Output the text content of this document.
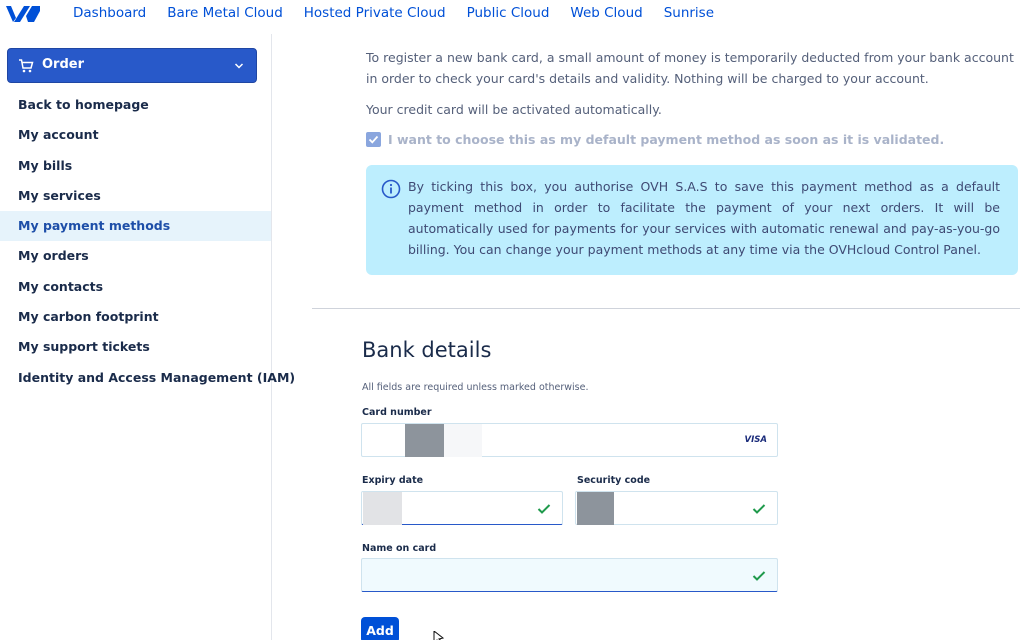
Dashboard Bare Metal Cloud Hosted Private Cloud Public Cloud Web Cloud Sunrise
Order
Back to homepage
My account
My bills
My services
My payment methods
My orders
My contacts
My carbon footprint
My support tickets
Identity and Access Management (IAM)

To register a new bank card, a small amount of money is temporarily deducted from your bank account in order to check your card's details and validity. Nothing will be charged to your account.

Your credit card will be activated automatically.

I want to choose this as my default payment method as soon as it is validated.

By ticking this box, you authorise OVH S.A.S to save this payment method as a default payment method in order to facilitate the payment of your next orders. It will be automatically used for payments for your services with automatic renewal and pay-as-you-go billing. You can change your payment methods at any time via the OVHcloud Control Panel.

Bank details

All fields are required unless marked otherwise.

Card number
VISA
Expiry date	Security code
Name on card
Add
